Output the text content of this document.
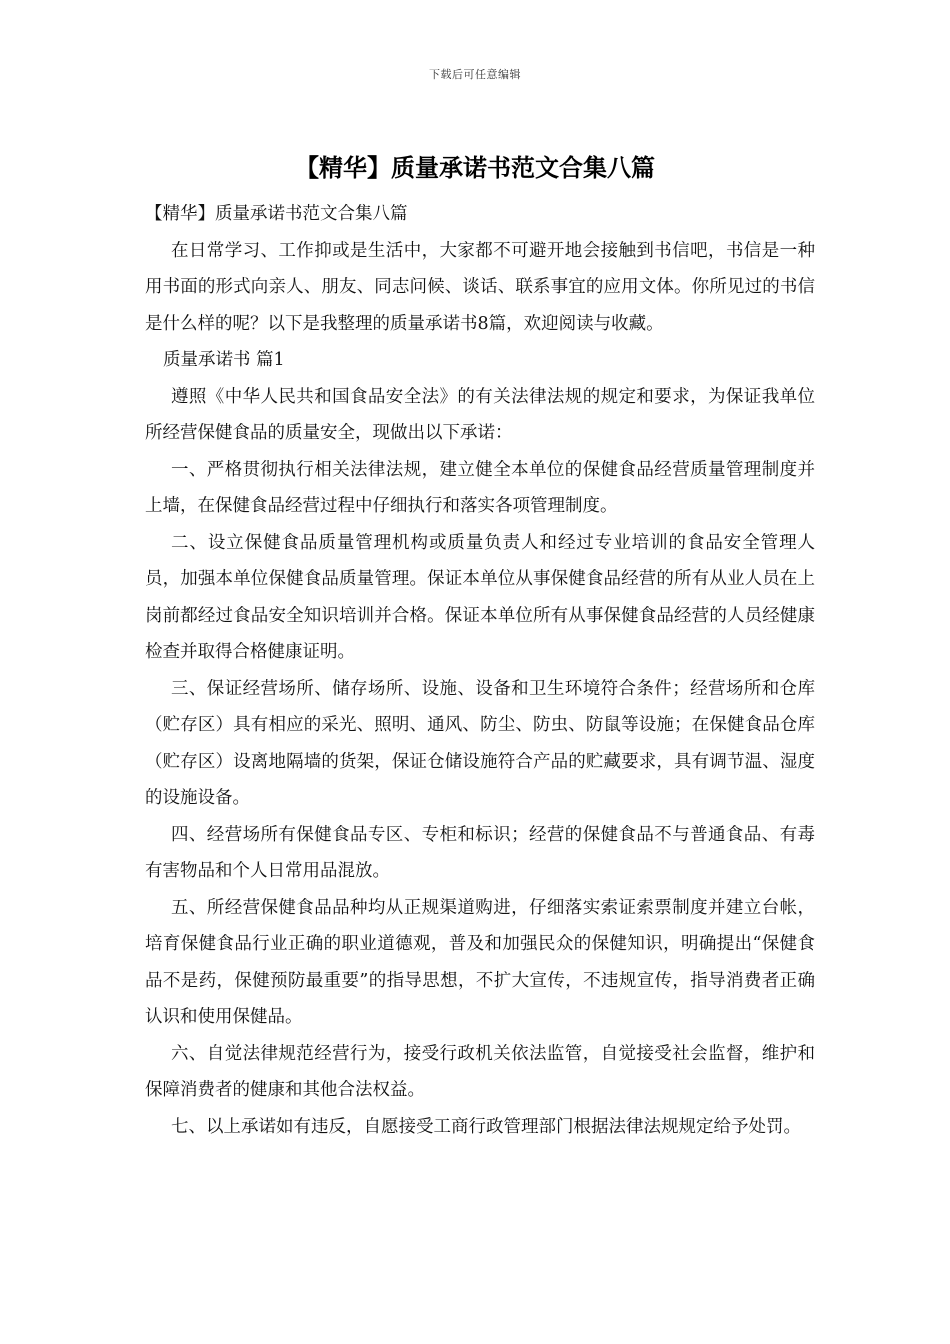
下载后可任意编辑
【精华】质量承诺书范文合集八篇

【精华】质量承诺书范文合集八篇

在日常学习、工作抑或是生活中，大家都不可避开地会接触到书信吧，书信是一种用书面的形式向亲人、朋友、同志问候、谈话、联系事宜的应用文体。你所见过的书信是什么样的呢？以下是我整理的质量承诺书8篇，欢迎阅读与收藏。

质量承诺书 篇1

遵照《中华人民共和国食品安全法》的有关法律法规的规定和要求，为保证我单位所经营保健食品的质量安全，现做出以下承诺：

一、严格贯彻执行相关法律法规，建立健全本单位的保健食品经营质量管理制度并上墙，在保健食品经营过程中仔细执行和落实各项管理制度。

二、设立保健食品质量管理机构或质量负责人和经过专业培训的食品安全管理人员，加强本单位保健食品质量管理。保证本单位从事保健食品经营的所有从业人员在上岗前都经过食品安全知识培训并合格。保证本单位所有从事保健食品经营的人员经健康检查并取得合格健康证明。

三、保证经营场所、储存场所、设施、设备和卫生环境符合条件；经营场所和仓库（贮存区）具有相应的采光、照明、通风、防尘、防虫、防鼠等设施；在保健食品仓库（贮存区）设离地隔墙的货架，保证仓储设施符合产品的贮藏要求，具有调节温、湿度的设施设备。

四、经营场所有保健食品专区、专柜和标识；经营的保健食品不与普通食品、有毒有害物品和个人日常用品混放。

五、所经营保健食品品种均从正规渠道购进，仔细落实索证索票制度并建立台帐，培育保健食品行业正确的职业道德观，普及和加强民众的保健知识，明确提出“保健食品不是药，保健预防最重要”的指导思想，不扩大宣传，不违规宣传，指导消费者正确认识和使用保健品。

六、自觉法律规范经营行为，接受行政机关依法监管，自觉接受社会监督，维护和保障消费者的健康和其他合法权益。

七、以上承诺如有违反，自愿接受工商行政管理部门根据法律法规规定给予处罚。
